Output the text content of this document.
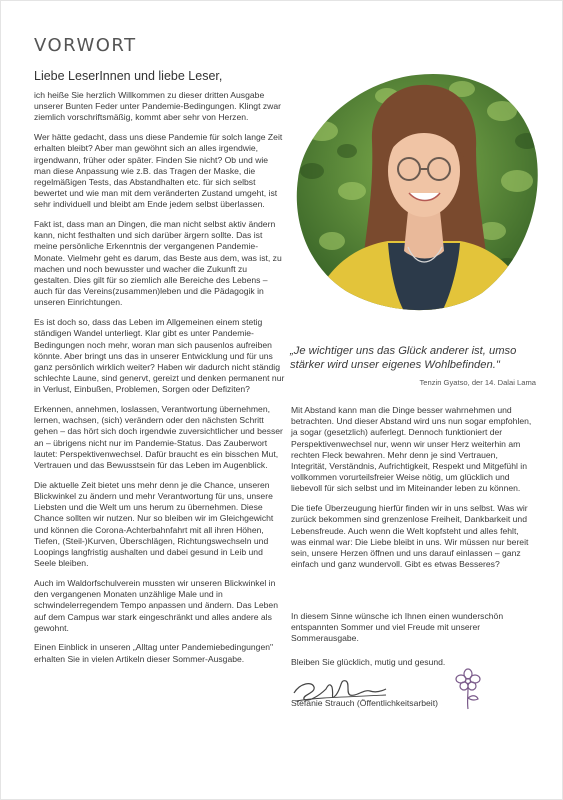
VORWORT
Liebe LeserInnen und liebe Leser,

ich heiße Sie herzlich Willkommen zu dieser dritten Ausgabe unserer Bunten Feder unter Pandemie-Bedingungen. Klingt zwar ziemlich vorschriftsmäßig, kommt aber sehr von Herzen.

Wer hätte gedacht, dass uns diese Pandemie für solch lange Zeit erhalten bleibt? Aber man gewöhnt sich an alles irgendwie, irgendwann, früher oder später. Finden Sie nicht? Ob und wie man diese Anpassung wie z.B. das Tragen der Maske, die regelmäßigen Tests, das Abstandhalten etc. für sich selbst bewertet und wie man mit dem veränderten Zustand umgeht, ist sehr individuell und bleibt am Ende jedem selbst überlassen.

Fakt ist, dass man an Dingen, die man nicht selbst aktiv ändern kann, nicht festhalten und sich darüber ärgern sollte. Das ist meine persönliche Erkenntnis der vergangenen Pandemie-Monate. Vielmehr geht es darum, das Beste aus dem, was ist, zu machen und noch bewusster und wacher die Zukunft zu gestalten. Dies gilt für so ziemlich alle Bereiche des Lebens – auch für das Vereins(zusammen)leben und die Pädagogik in unseren Einrichtungen.

Es ist doch so, dass das Leben im Allgemeinen einem stetig ständigen Wandel unterliegt. Klar gibt es unter Pandemie-Bedingungen noch mehr, woran man sich pausenlos aufreiben könnte. Aber bringt uns das in unserer Entwicklung und für uns ganz persönlich wirklich weiter? Haben wir dadurch nicht ständig schlechte Laune, sind genervt, gereizt und denken permanent nur in Verlust, Einbußen, Problemen, Sorgen oder Defiziten?

Erkennen, annehmen, loslassen, Verantwortung übernehmen, lernen, wachsen, (sich) verändern oder den nächsten Schritt gehen – das hört sich doch irgendwie zuversichtlicher und besser an – übrigens nicht nur im Pandemie-Status. Das Zauberwort lautet: Perspektivenwechsel. Dafür braucht es ein bisschen Mut, Vertrauen und das Bewusstsein für das Leben im Augenblick.

Die aktuelle Zeit bietet uns mehr denn je die Chance, unseren Blickwinkel zu ändern und mehr Verantwortung für uns, unsere Liebsten und die Welt um uns herum zu übernehmen. Diese Chance sollten wir nutzen. Nur so bleiben wir im Gleichgewicht und können die Corona-Achterbahnfahrt mit all ihren Höhen, Tiefen, (Steil-)Kurven, Überschlägen, Richtungswechseln und Loopings langfristig aushalten und dabei gesund in Leib und Seele bleiben.

Auch im Waldorfschulverein mussten wir unseren Blickwinkel in den vergangenen Monaten unzählige Male und in schwindelerregendem Tempo anpassen und ändern. Das Leben auf dem Campus war stark eingeschränkt und alles andere als gewohnt.

Einen Einblick in unseren „Alltag unter Pandemiebedingungen" erhalten Sie in vielen Artikeln dieser Sommer-Ausgabe.

„Je wichtiger uns das Glück anderer ist, umso stärker wird unser eigenes Wohlbefinden."

Tenzin Gyatso, der 14. Dalai Lama

Mit Abstand kann man die Dinge besser wahrnehmen und betrachten. Und dieser Abstand wird uns nun sogar empfohlen, ja sogar (gesetzlich) auferlegt. Dennoch funktioniert der Perspektivenwechsel nur, wenn wir unser Herz weiterhin am rechten Fleck bewahren. Mehr denn je sind Vertrauen, Integrität, Verständnis, Aufrichtigkeit, Respekt und Mitgefühl in vollkommen vorurteilsfreier Weise nötig, um glücklich und liebevoll für sich selbst und im Miteinander leben zu können.

Die tiefe Überzeugung hierfür finden wir in uns selbst. Was wir zurück bekommen sind grenzenlose Freiheit, Dankbarkeit und Lebensfreude. Auch wenn die Welt kopfsteht und alles fehlt, was einmal war: Die Liebe bleibt in uns. Wir müssen nur bereit sein, unsere Herzen öffnen und uns darauf einlassen – ganz einfach und ganz wundervoll. Gibt es etwas Besseres?

In diesem Sinne wünsche ich Ihnen einen wunderschön entspannten Sommer und viel Freude mit unserer Sommerausgabe.

Bleiben Sie glücklich, mutig und gesund.

Stefanie Strauch (Öffentlichkeitsarbeit)
